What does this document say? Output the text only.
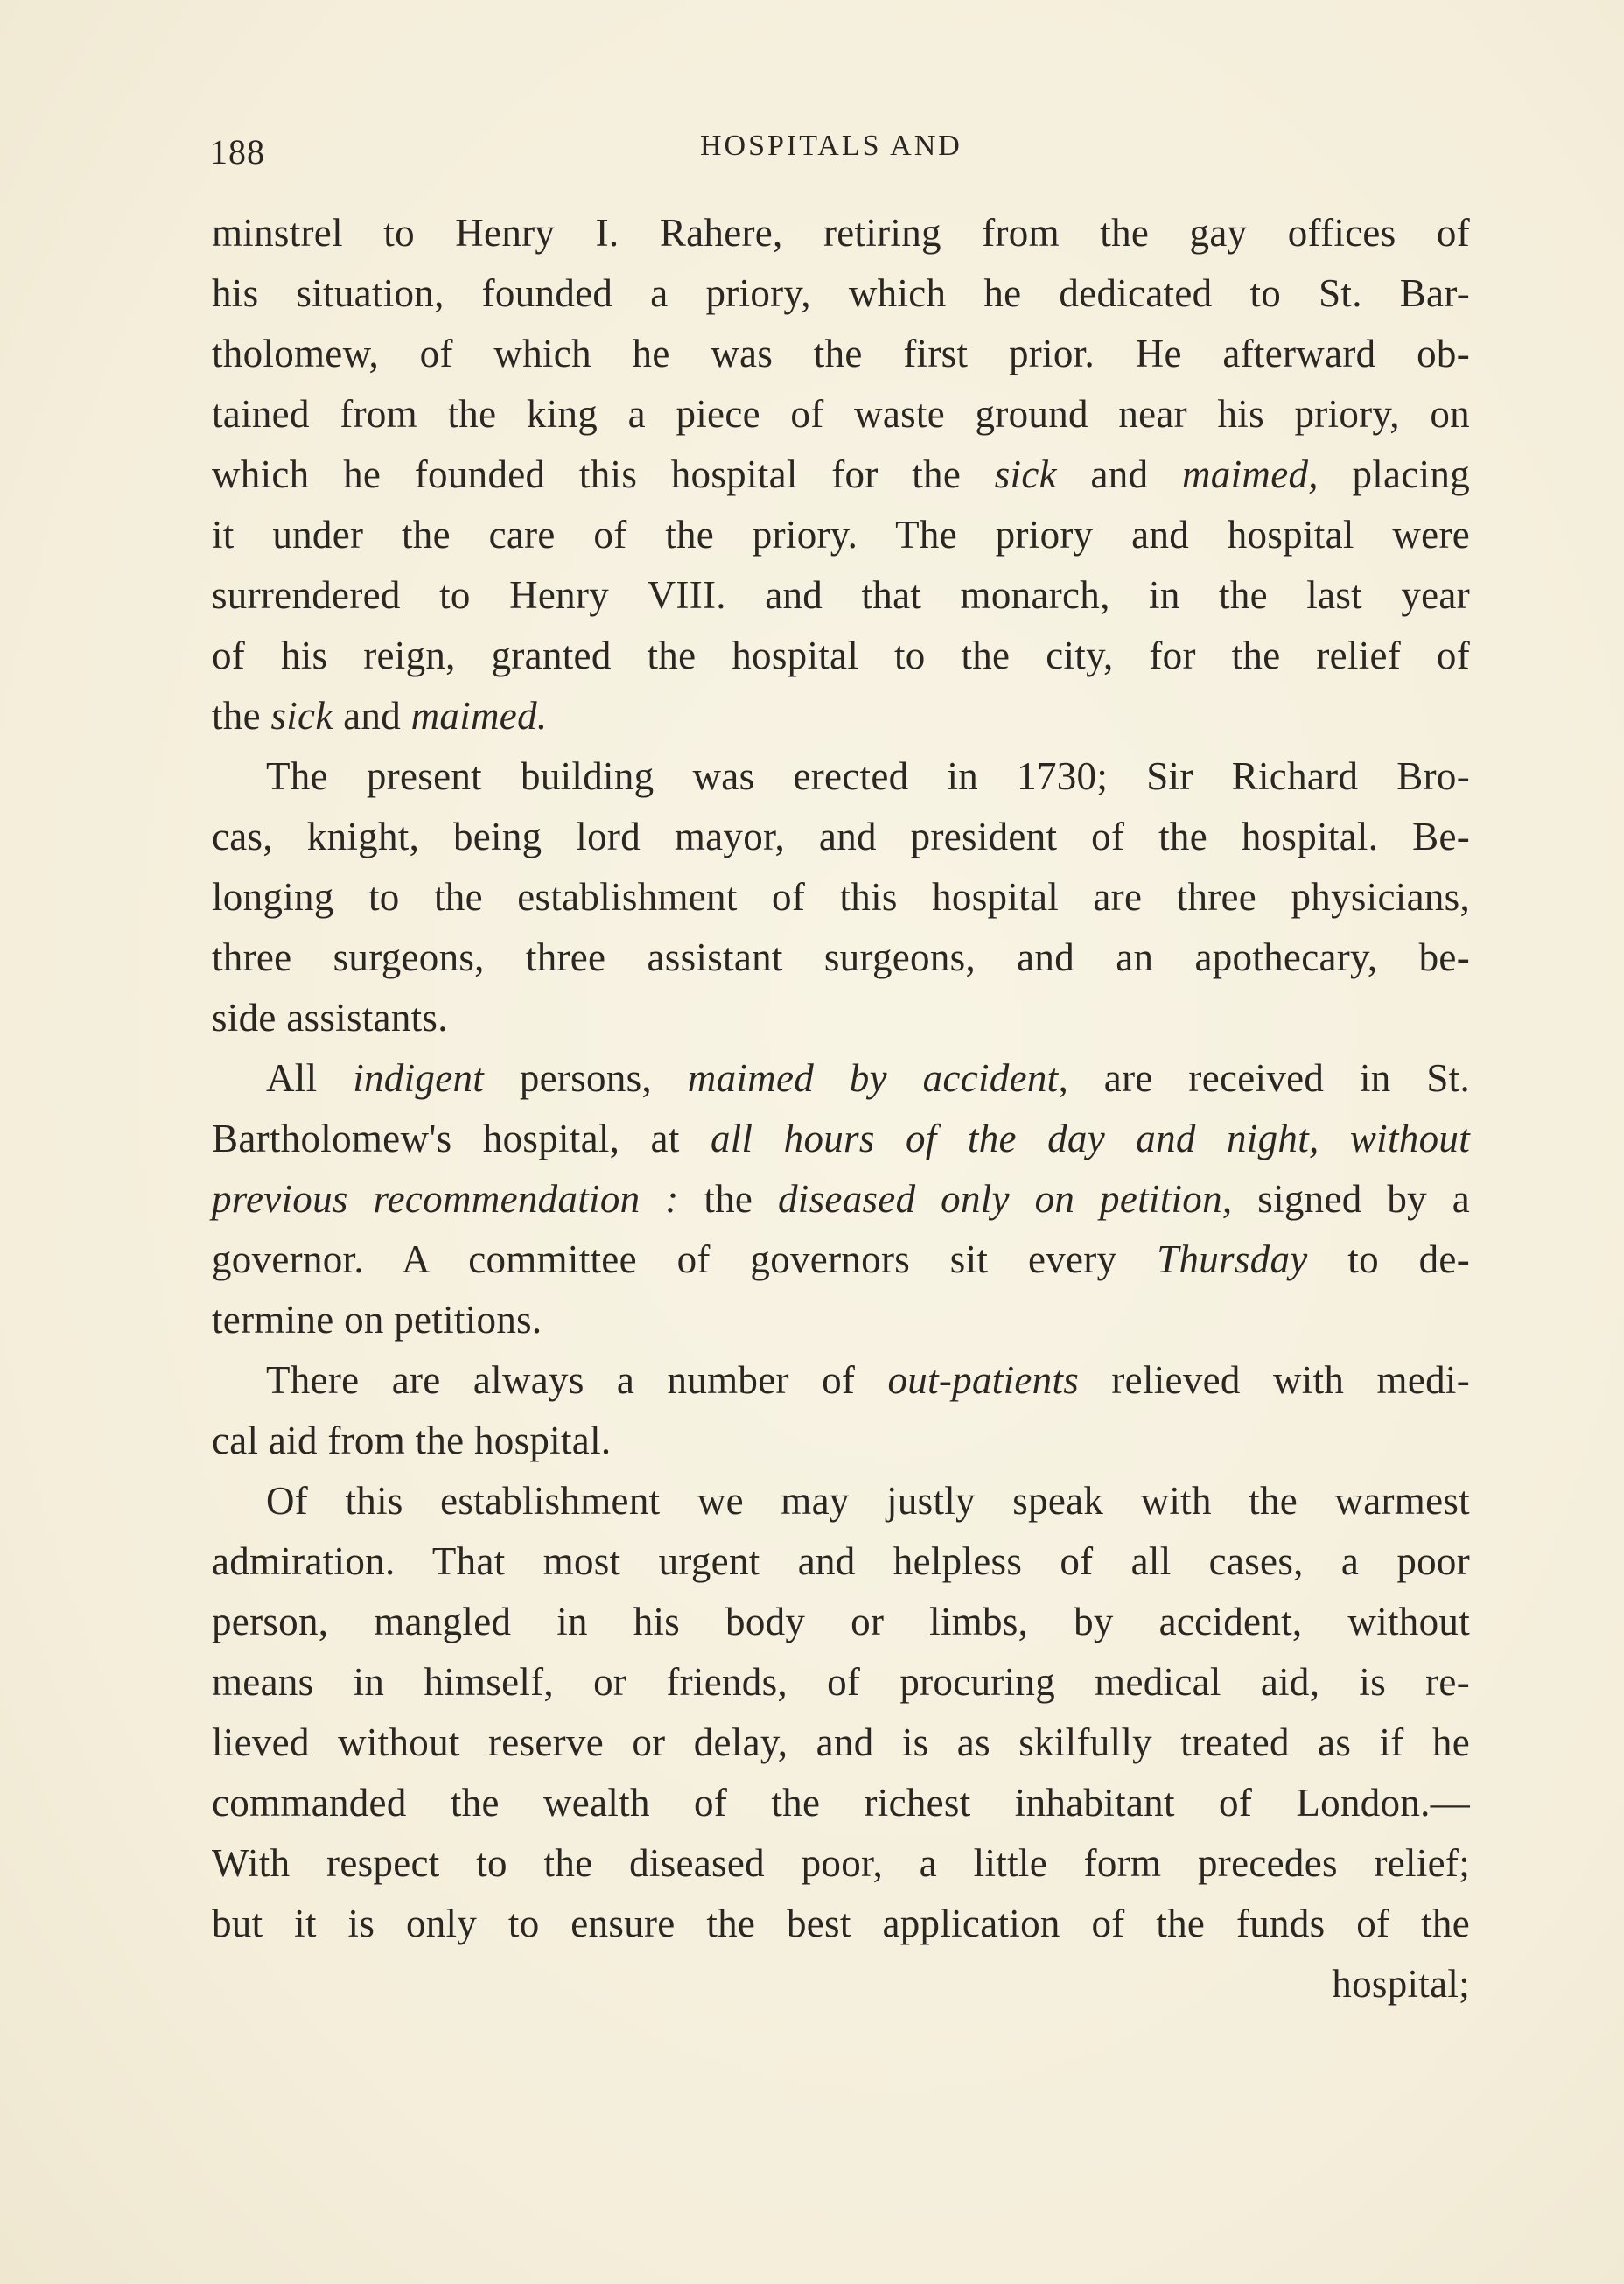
188	HOSPITALS AND
minstrel to Henry I. Rahere, retiring from the gay offices of
his situation, founded a priory, which he dedicated to St. Bar-
tholomew, of which he was the first prior. He afterward ob-
tained from the king a piece of waste ground near his priory, on
which he founded this hospital for the sick and maimed, placing
it under the care of the priory. The priory and hospital were
surrendered to Henry VIII. and that monarch, in the last year
of his reign, granted the hospital to the city, for the relief of
the sick and maimed.
The present building was erected in 1730; Sir Richard Bro-
cas, knight, being lord mayor, and president of the hospital. Be-
longing to the establishment of this hospital are three physicians,
three surgeons, three assistant surgeons, and an apothecary, be-
side assistants.
All indigent persons, maimed by accident, are received in St.
Bartholomew's hospital, at all hours of the day and night, without
previous recommendation : the diseased only on petition, signed by a
governor. A committee of governors sit every Thursday to de-
termine on petitions.
There are always a number of out-patients relieved with medi-
cal aid from the hospital.
Of this establishment we may justly speak with the warmest
admiration. That most urgent and helpless of all cases, a poor
person, mangled in his body or limbs, by accident, without
means in himself, or friends, of procuring medical aid, is re-
lieved without reserve or delay, and is as skilfully treated as if he
commanded the wealth of the richest inhabitant of London.—
With respect to the diseased poor, a little form precedes relief;
but it is only to ensure the best application of the funds of the
hospital;
